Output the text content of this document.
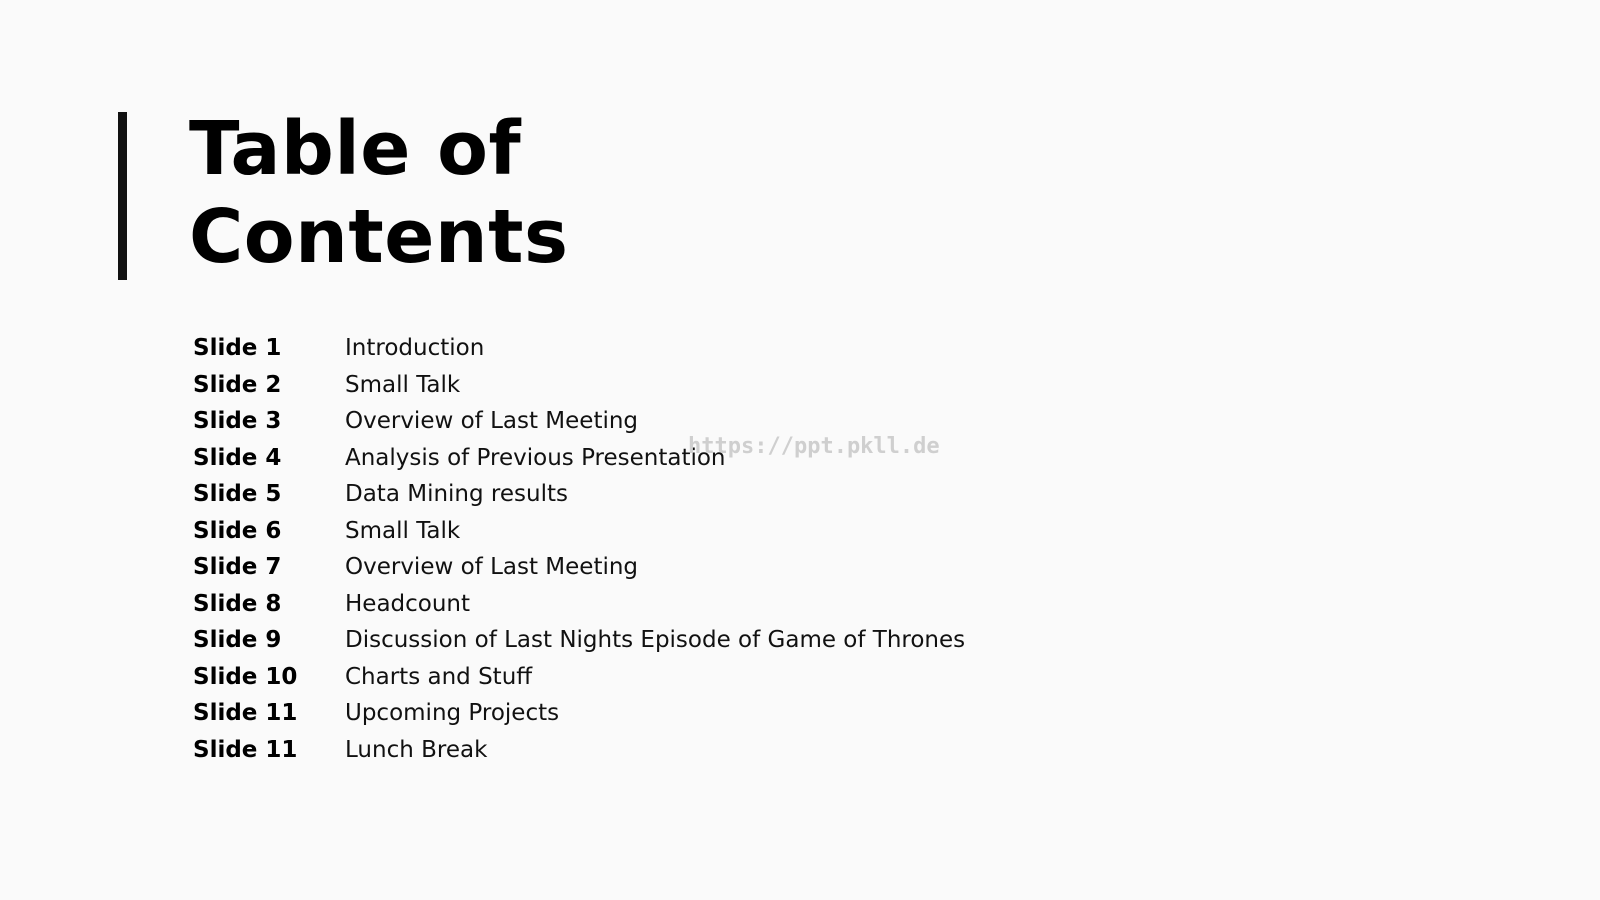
Table of
Contents
Slide 1	Introduction
Slide 2	Small Talk
Slide 3	Overview of Last Meeting
Slide 4	Analysis of Previous Presentation
Slide 5	Data Mining results
Slide 6	Small Talk
Slide 7	Overview of Last Meeting
Slide 8	Headcount
Slide 9	Discussion of Last Nights Episode of Game of Thrones
Slide 10	Charts and Stuff
Slide 11	Upcoming Projects
Slide 11	Lunch Break
https://ppt.pkll.de
